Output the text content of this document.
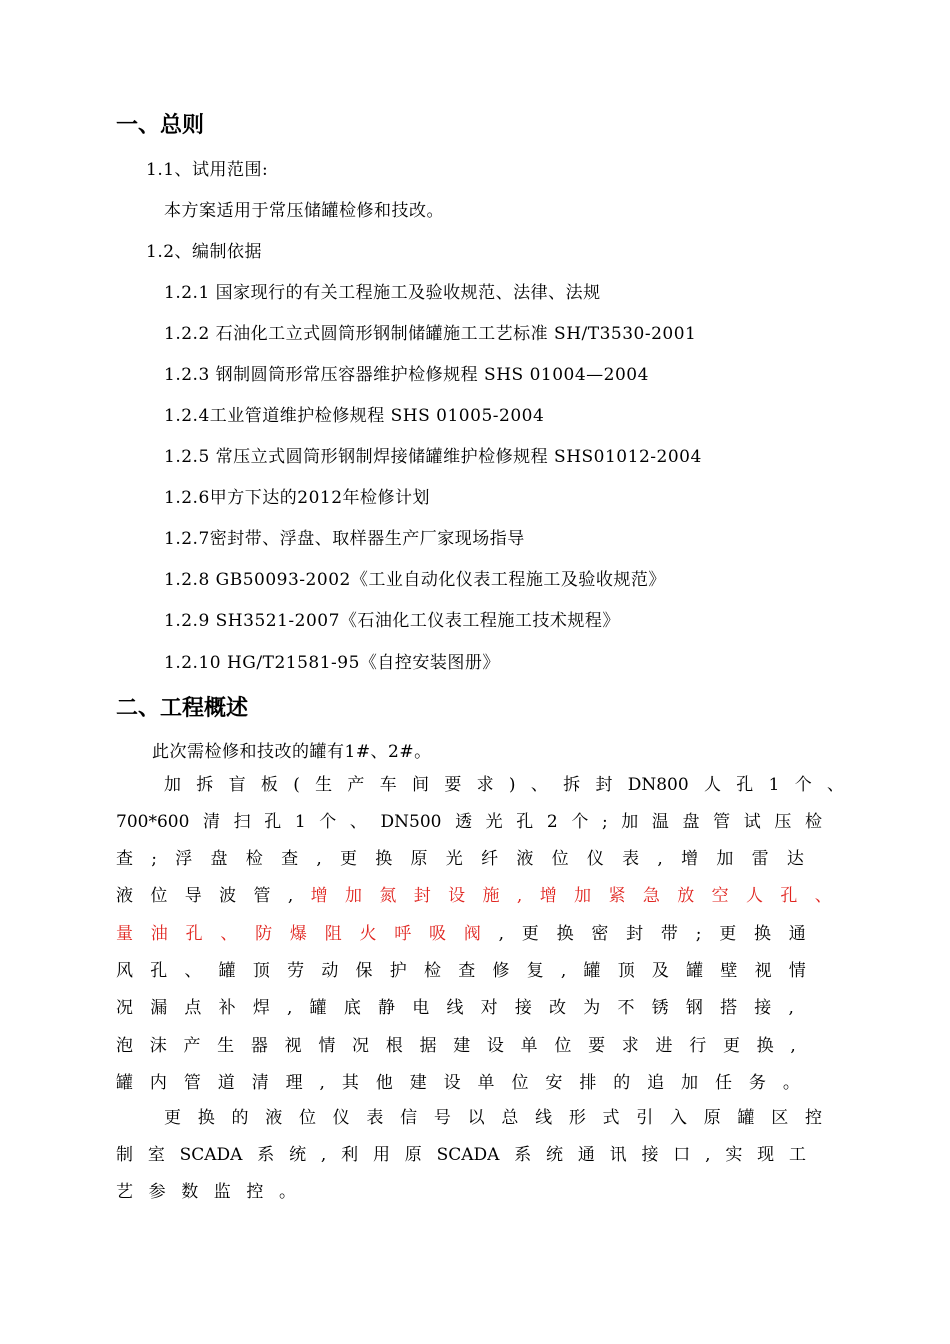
一、总则
1.1、试用范围:
本方案适用于常压储罐检修和技改。
1.2、编制依据
1.2.1 国家现行的有关工程施工及验收规范、法律、法规
1.2.2 石油化工立式圆筒形钢制储罐施工工艺标准 SH/T3530-2001
1.2.3 钢制圆筒形常压容器维护检修规程 SHS 01004—2004
1.2.4工业管道维护检修规程 SHS 01005-2004
1.2.5 常压立式圆筒形钢制焊接储罐维护检修规程 SHS01012-2004
1.2.6甲方下达的2012年检修计划
1.2.7密封带、浮盘、取样器生产厂家现场指导
1.2.8 GB50093-2002《工业自动化仪表工程施工及验收规范》
1.2.9 SH3521-2007《石油化工仪表工程施工技术规程》
1.2.10 HG/T21581-95《自控安装图册》
二、工程概述
此次需检修和技改的罐有1#、2#。
加 拆 盲 板 ( 生 产 车 间 要 求 ) 、 拆 封 DN800 人 孔 1 个 、
700*600 清 扫 孔 1 个 、 DN500 透 光 孔 2 个 ; 加 温 盘 管 试 压 检
查 ; 浮 盘 检 查 , 更 换 原 光 纤 液 位 仪 表 , 增 加 雷 达
液 位 导 波 管 , 增 加 氮 封 设 施 , 增 加 紧 急 放 空 人 孔 、
量 油 孔 、 防 爆 阻 火 呼 吸 阀 , 更 换 密 封 带 ; 更 换 通
风 孔 、 罐 顶 劳 动 保 护 检 查 修 复 , 罐 顶 及 罐 壁 视 情
况 漏 点 补 焊 , 罐 底 静 电 线 对 接 改 为 不 锈 钢 搭 接 ,
泡 沫 产 生 器 视 情 况 根 据 建 设 单 位 要 求 进 行 更 换 ,
罐 内 管 道 清 理 , 其 他 建 设 单 位 安 排 的 追 加 任 务 。
更 换 的 液 位 仪 表 信 号 以 总 线 形 式 引 入 原 罐 区 控
制 室 SCADA 系 统 , 利 用 原 SCADA 系 统 通 讯 接 口 , 实 现 工
艺 参 数 监 控 。
